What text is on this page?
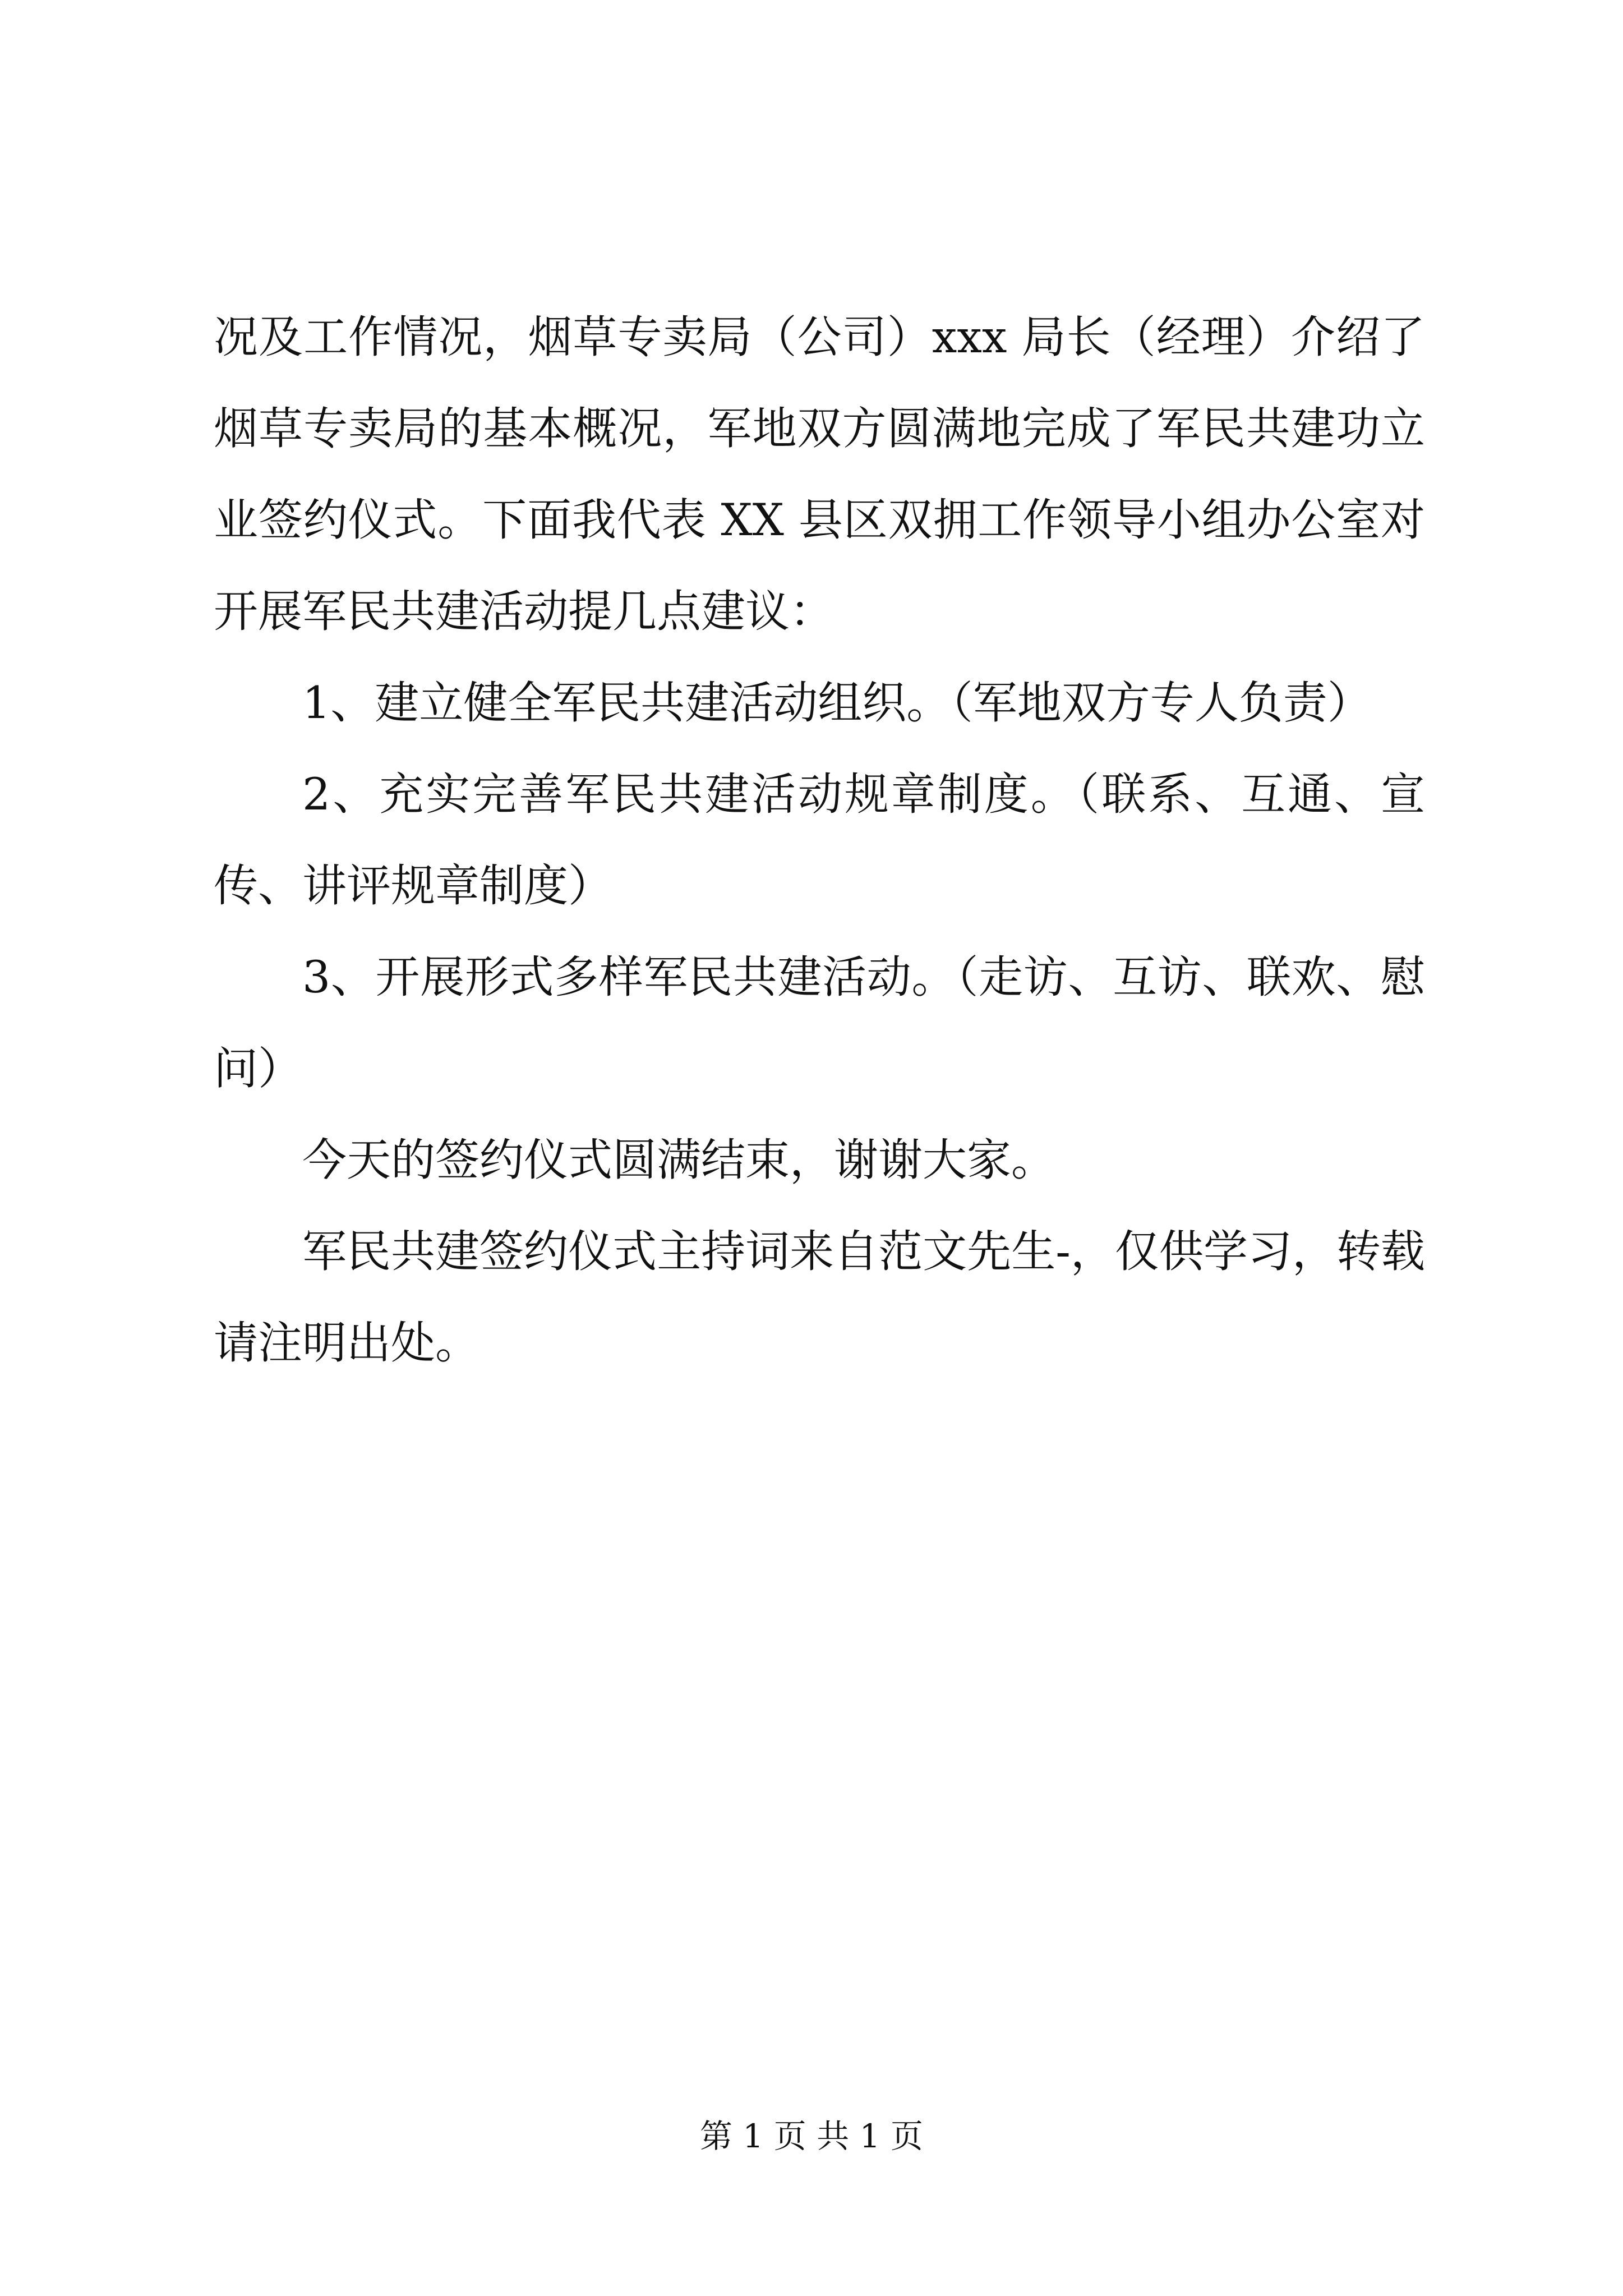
况及工作情况，烟草专卖局（公司）xxx 局长（经理）介绍了烟草专卖局的基本概况，军地双方圆满地完成了军民共建功立业签约仪式。下面我代表 XX 县区双拥工作领导小组办公室对开展军民共建活动提几点建议：

1、建立健全军民共建活动组织。（军地双方专人负责）

2、充实完善军民共建活动规章制度。（联系、互通、宣传、讲评规章制度）

3、开展形式多样军民共建活动。（走访、互访、联欢、慰问）

今天的签约仪式圆满结束，谢谢大家。

军民共建签约仪式主持词来自范文先生-，仅供学习，转载请注明出处。

第 1 页 共 1 页
